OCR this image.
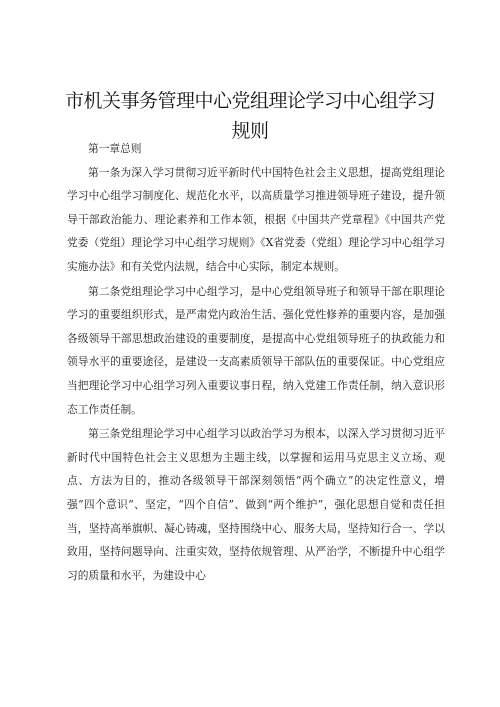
市机关事务管理中心党组理论学习中心组学习规则

第一章总则

第一条为深入学习贯彻习近平新时代中国特色社会主义思想，提高党组理论学习中心组学习制度化、规范化水平，以高质量学习推进领导班子建设，提升领导干部政治能力、理论素养和工作本领，根据《中国共产党章程》《中国共产党党委（党组）理论学习中心组学习规则》《X省党委（党组）理论学习中心组学习实施办法》和有关党内法规，结合中心实际，制定本规则。

第二条党组理论学习中心组学习，是中心党组领导班子和领导干部在职理论学习的重要组织形式，是严肃党内政治生活、强化党性修养的重要内容，是加强各级领导干部思想政治建设的重要制度，是提高中心党组领导班子的执政能力和领导水平的重要途径，是建设一支高素质领导干部队伍的重要保证。中心党组应当把理论学习中心组学习列入重要议事日程，纳入党建工作责任制，纳入意识形态工作责任制。

第三条党组理论学习中心组学习以政治学习为根本，以深入学习贯彻习近平新时代中国特色社会主义思想为主题主线，以掌握和运用马克思主义立场、观点、方法为目的，推动各级领导干部深刻领悟“两个确立”的决定性意义，增强“四个意识”、坚定，“四个自信”、做到“两个维护”，强化思想自觉和责任担当，坚持高举旗帜、凝心铸魂，坚持围绕中心、服务大局，坚持知行合一、学以致用，坚持问题导向、注重实效，坚持依规管理、从严治学，不断提升中心组学习的质量和水平，为建设中心
